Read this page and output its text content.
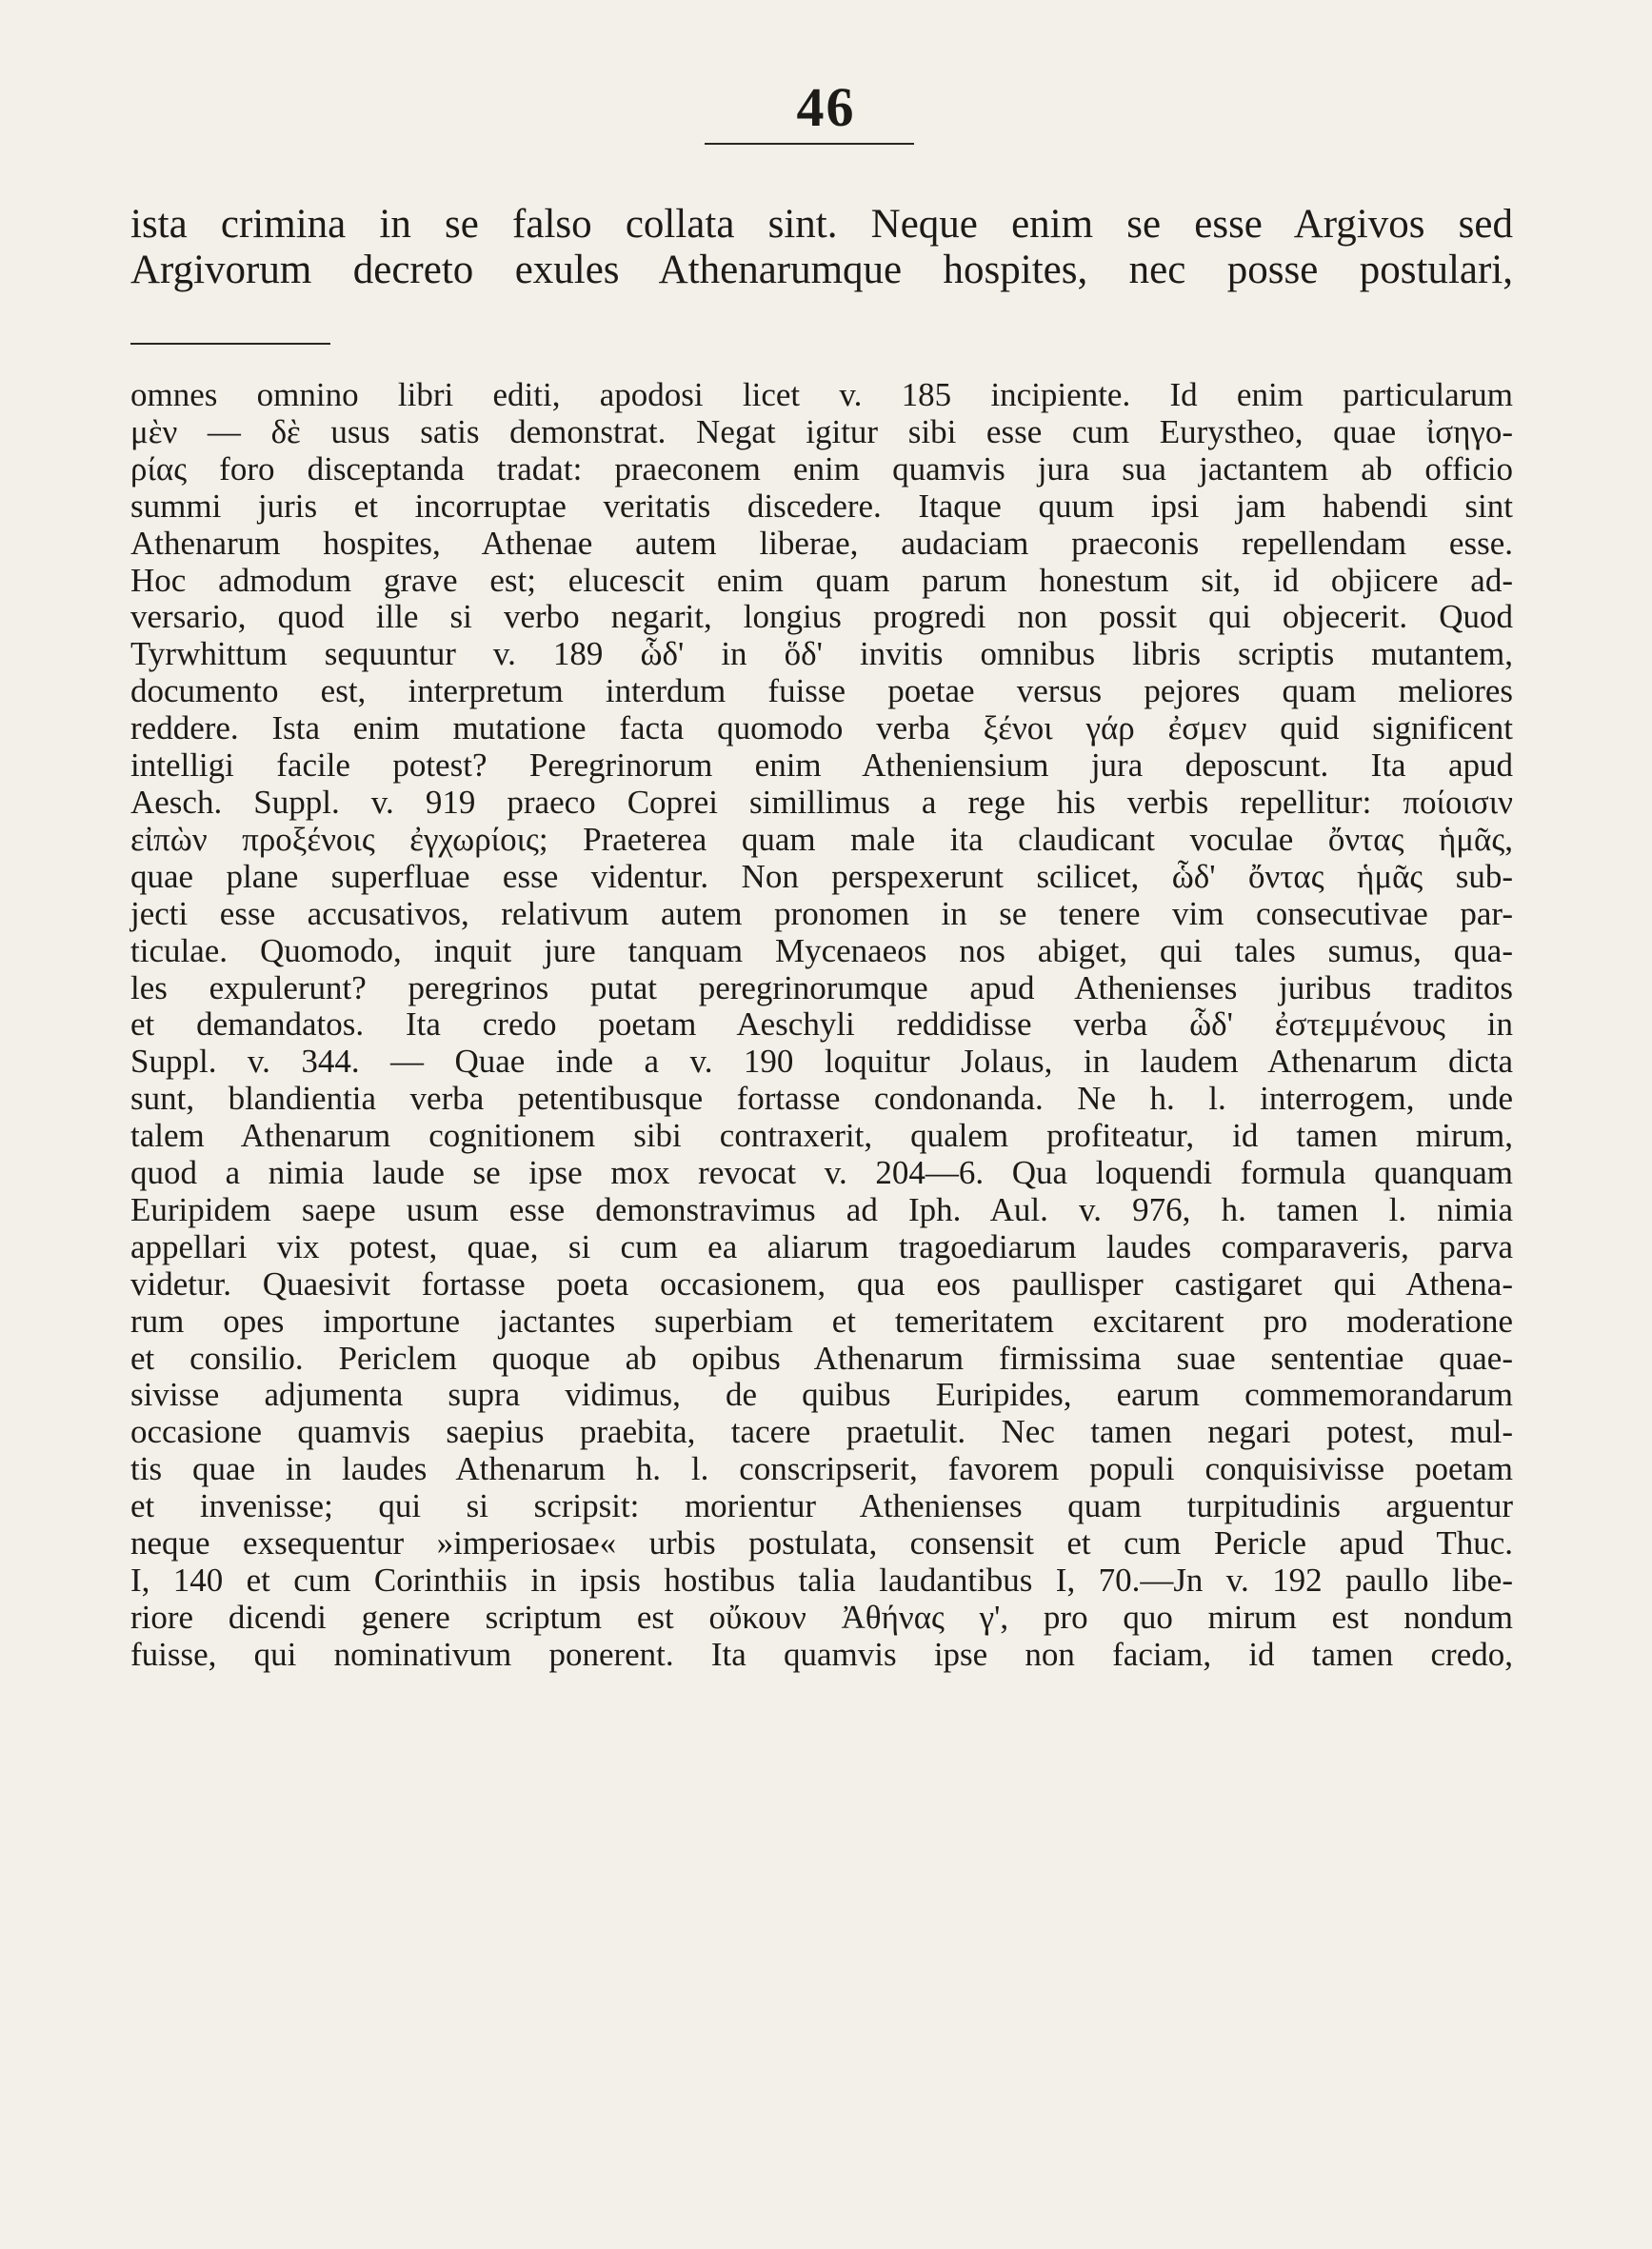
46
ista crimina in se falso collata sint. Neque enim se esse Argivos sed
Argivorum decreto exules Athenarumque hospites, nec posse postulari,
omnes omnino libri editi, apodosi licet v. 185 incipiente. Id enim particularum
μὲν — δὲ usus satis demonstrat. Negat igitur sibi esse cum Eurystheo, quae ἰσηγο-
ρίας foro disceptanda tradat: praeconem enim quamvis jura sua jactantem ab officio
summi juris et incorruptae veritatis discedere. Itaque quum ipsi jam habendi sint
Athenarum hospites, Athenae autem liberae, audaciam praeconis repellendam esse.
Hoc admodum grave est; elucescit enim quam parum honestum sit, id objicere ad-
versario, quod ille si verbo negarit, longius progredi non possit qui objecerit. Quod
Tyrwhittum sequuntur v. 189 ὧδ' in ὅδ' invitis omnibus libris scriptis mutantem,
documento est, interpretum interdum fuisse poetae versus pejores quam meliores
reddere. Ista enim mutatione facta quomodo verba ξένοι γάρ ἐσμεν quid significent
intelligi facile potest? Peregrinorum enim Atheniensium jura deposcunt. Ita apud
Aesch. Suppl. v. 919 praeco Coprei simillimus a rege his verbis repellitur: ποίοισιν
εἰπὼν προξένοις ἐγχωρίοις; Praeterea quam male ita claudicant voculae ὄντας ἡμᾶς,
quae plane superfluae esse videntur. Non perspexerunt scilicet, ὧδ' ὄντας ἡμᾶς sub-
jecti esse accusativos, relativum autem pronomen in se tenere vim consecutivae par-
ticulae. Quomodo, inquit jure tanquam Mycenaeos nos abiget, qui tales sumus, qua-
les expulerunt? peregrinos putat peregrinorumque apud Athenienses juribus traditos
et demandatos. Ita credo poetam Aeschyli reddidisse verba ὧδ' ἐστεμμένους in
Suppl. v. 344. — Quae inde a v. 190 loquitur Jolaus, in laudem Athenarum dicta
sunt, blandientia verba petentibusque fortasse condonanda. Ne h. l. interrogem, unde
talem Athenarum cognitionem sibi contraxerit, qualem profiteatur, id tamen mirum,
quod a nimia laude se ipse mox revocat v. 204—6. Qua loquendi formula quanquam
Euripidem saepe usum esse demonstravimus ad Iph. Aul. v. 976, h. tamen l. nimia
appellari vix potest, quae, si cum ea aliarum tragoediarum laudes comparaveris, parva
videtur. Quaesivit fortasse poeta occasionem, qua eos paullisper castigaret qui Athena-
rum opes importune jactantes superbiam et temeritatem excitarent pro moderatione
et consilio. Periclem quoque ab opibus Athenarum firmissima suae sententiae quae-
sivisse adjumenta supra vidimus, de quibus Euripides, earum commemorandarum
occasione quamvis saepius praebita, tacere praetulit. Nec tamen negari potest, mul-
tis quae in laudes Athenarum h. l. conscripserit, favorem populi conquisivisse poetam
et invenisse; qui si scripsit: morientur Athenienses quam turpitudinis arguentur
neque exsequentur »imperiosae« urbis postulata, consensit et cum Pericle apud Thuc.
I, 140 et cum Corinthiis in ipsis hostibus talia laudantibus I, 70.—Jn v. 192 paullo libe-
riore dicendi genere scriptum est οὔκουν Ἀθήνας γ', pro quo mirum est nondum
fuisse, qui nominativum ponerent. Ita quamvis ipse non faciam, id tamen credo,
